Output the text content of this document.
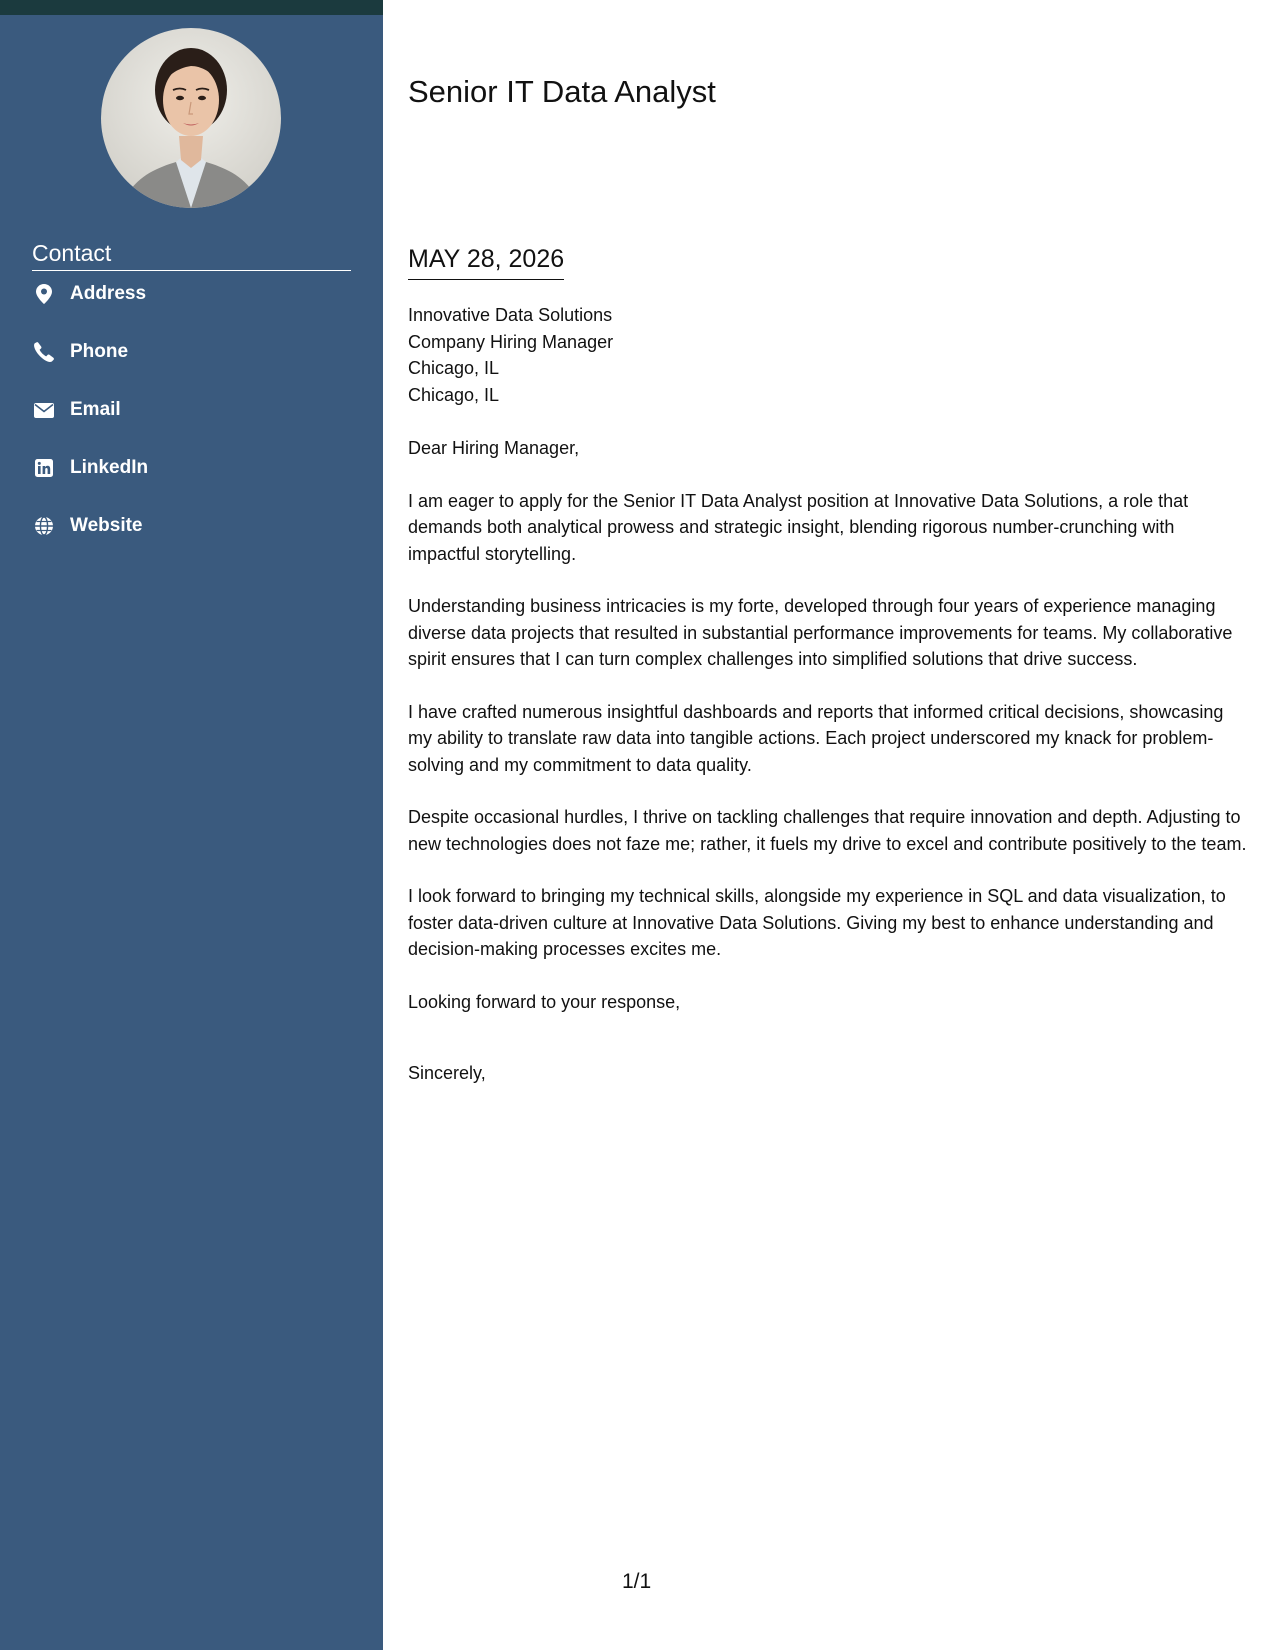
Contact
Address
Phone
Email
LinkedIn
Website
Senior IT Data Analyst
MAY 28, 2026
Innovative Data Solutions
Company Hiring Manager
Chicago, IL
Chicago, IL

Dear Hiring Manager,

I am eager to apply for the Senior IT Data Analyst position at Innovative Data Solutions, a role that demands both analytical prowess and strategic insight, blending rigorous number-crunching with impactful storytelling.

Understanding business intricacies is my forte, developed through four years of experience managing diverse data projects that resulted in substantial performance improvements for teams. My collaborative spirit ensures that I can turn complex challenges into simplified solutions that drive success.

I have crafted numerous insightful dashboards and reports that informed critical decisions, showcasing my ability to translate raw data into tangible actions. Each project underscored my knack for problem-solving and my commitment to data quality.

Despite occasional hurdles, I thrive on tackling challenges that require innovation and depth. Adjusting to new technologies does not faze me; rather, it fuels my drive to excel and contribute positively to the team.

I look forward to bringing my technical skills, alongside my experience in SQL and data visualization, to foster data-driven culture at Innovative Data Solutions. Giving my best to enhance understanding and decision-making processes excites me.

Looking forward to your response,

Sincerely,

1/1
